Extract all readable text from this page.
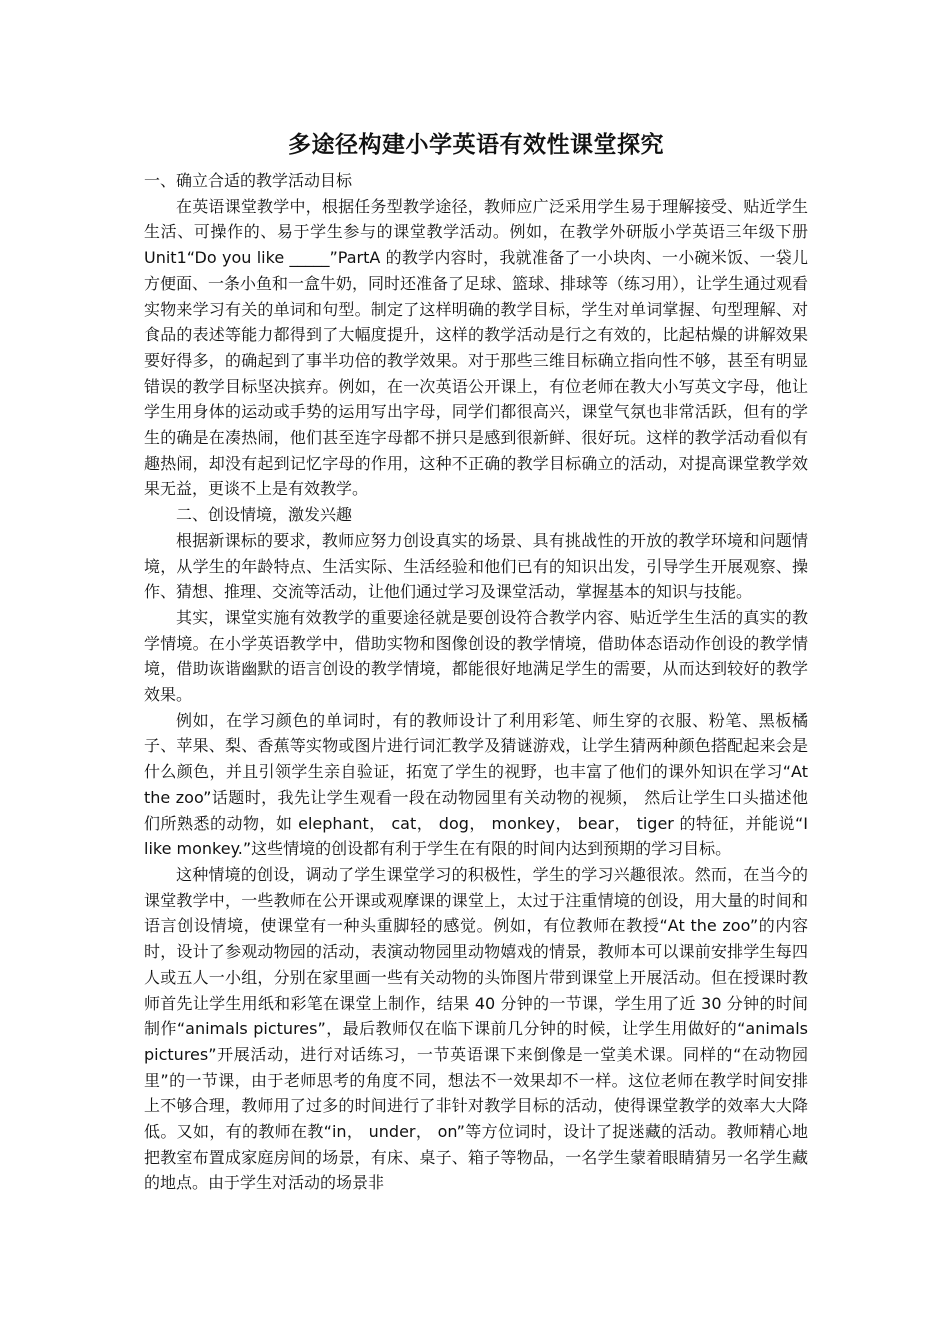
多途径构建小学英语有效性课堂探究

一、确立合适的教学活动目标

在英语课堂教学中，根据任务型教学途径，教师应广泛采用学生易于理解接受、贴近学生生活、可操作的、易于学生参与的课堂教学活动。例如，在教学外研版小学英语三年级下册 Unit1“Do you like _____”PartA 的教学内容时，我就准备了一小块肉、一小碗米饭、一袋儿方便面、一条小鱼和一盒牛奶，同时还准备了足球、篮球、排球等（练习用），让学生通过观看实物来学习有关的单词和句型。制定了这样明确的教学目标，学生对单词掌握、句型理解、对食品的表述等能力都得到了大幅度提升，这样的教学活动是行之有效的，比起枯燥的讲解效果要好得多，的确起到了事半功倍的教学效果。对于那些三维目标确立指向性不够，甚至有明显错误的教学目标坚决摈弃。例如，在一次英语公开课上，有位老师在教大小写英文字母，他让学生用身体的运动或手势的运用写出字母，同学们都很高兴，课堂气氛也非常活跃，但有的学生的确是在凑热闹，他们甚至连字母都不拼只是感到很新鲜、很好玩。这样的教学活动看似有趣热闹，却没有起到记忆字母的作用，这种不正确的教学目标确立的活动，对提高课堂教学效果无益，更谈不上是有效教学。

二、创设情境，激发兴趣

根据新课标的要求，教师应努力创设真实的场景、具有挑战性的开放的教学环境和问题情境，从学生的年龄特点、生活实际、生活经验和他们已有的知识出发，引导学生开展观察、操作、猜想、推理、交流等活动，让他们通过学习及课堂活动，掌握基本的知识与技能。

其实，课堂实施有效教学的重要途径就是要创设符合教学内容、贴近学生生活的真实的教学情境。在小学英语教学中，借助实物和图像创设的教学情境，借助体态语动作创设的教学情境，借助诙谐幽默的语言创设的教学情境，都能很好地满足学生的需要，从而达到较好的教学效果。

例如，在学习颜色的单词时，有的教师设计了利用彩笔、师生穿的衣服、粉笔、黑板橘子、苹果、梨、香蕉等实物或图片进行词汇教学及猜谜游戏，让学生猜两种颜色搭配起来会是什么颜色，并且引领学生亲自验证，拓宽了学生的视野，也丰富了他们的课外知识在学习“At the zoo”话题时，我先让学生观看一段在动物园里有关动物的视频， 然后让学生口头描述他们所熟悉的动物，如 elephant， cat， dog， monkey， bear， tiger 的特征，并能说“I like monkey.”这些情境的创设都有利于学生在有限的时间内达到预期的学习目标。

这种情境的创设，调动了学生课堂学习的积极性，学生的学习兴趣很浓。然而，在当今的课堂教学中，一些教师在公开课或观摩课的课堂上，太过于注重情境的创设，用大量的时间和语言创设情境，使课堂有一种头重脚轻的感觉。例如，有位教师在教授“At the zoo”的内容时，设计了参观动物园的活动，表演动物园里动物嬉戏的情景，教师本可以课前安排学生每四人或五人一小组，分别在家里画一些有关动物的头饰图片带到课堂上开展活动。但在授课时教师首先让学生用纸和彩笔在课堂上制作，结果 40 分钟的一节课，学生用了近 30 分钟的时间制作“animals pictures”，最后教师仅在临下课前几分钟的时候，让学生用做好的“animals pictures”开展活动，进行对话练习，一节英语课下来倒像是一堂美术课。同样的“在动物园里”的一节课，由于老师思考的角度不同，想法不一效果却不一样。这位老师在教学时间安排上不够合理，教师用了过多的时间进行了非针对教学目标的活动，使得课堂教学的效率大大降低。又如，有的教师在教“in， under， on”等方位词时，设计了捉迷藏的活动。教师精心地把教室布置成家庭房间的场景，有床、桌子、箱子等物品，一名学生蒙着眼睛猜另一名学生藏的地点。由于学生对活动的场景非
